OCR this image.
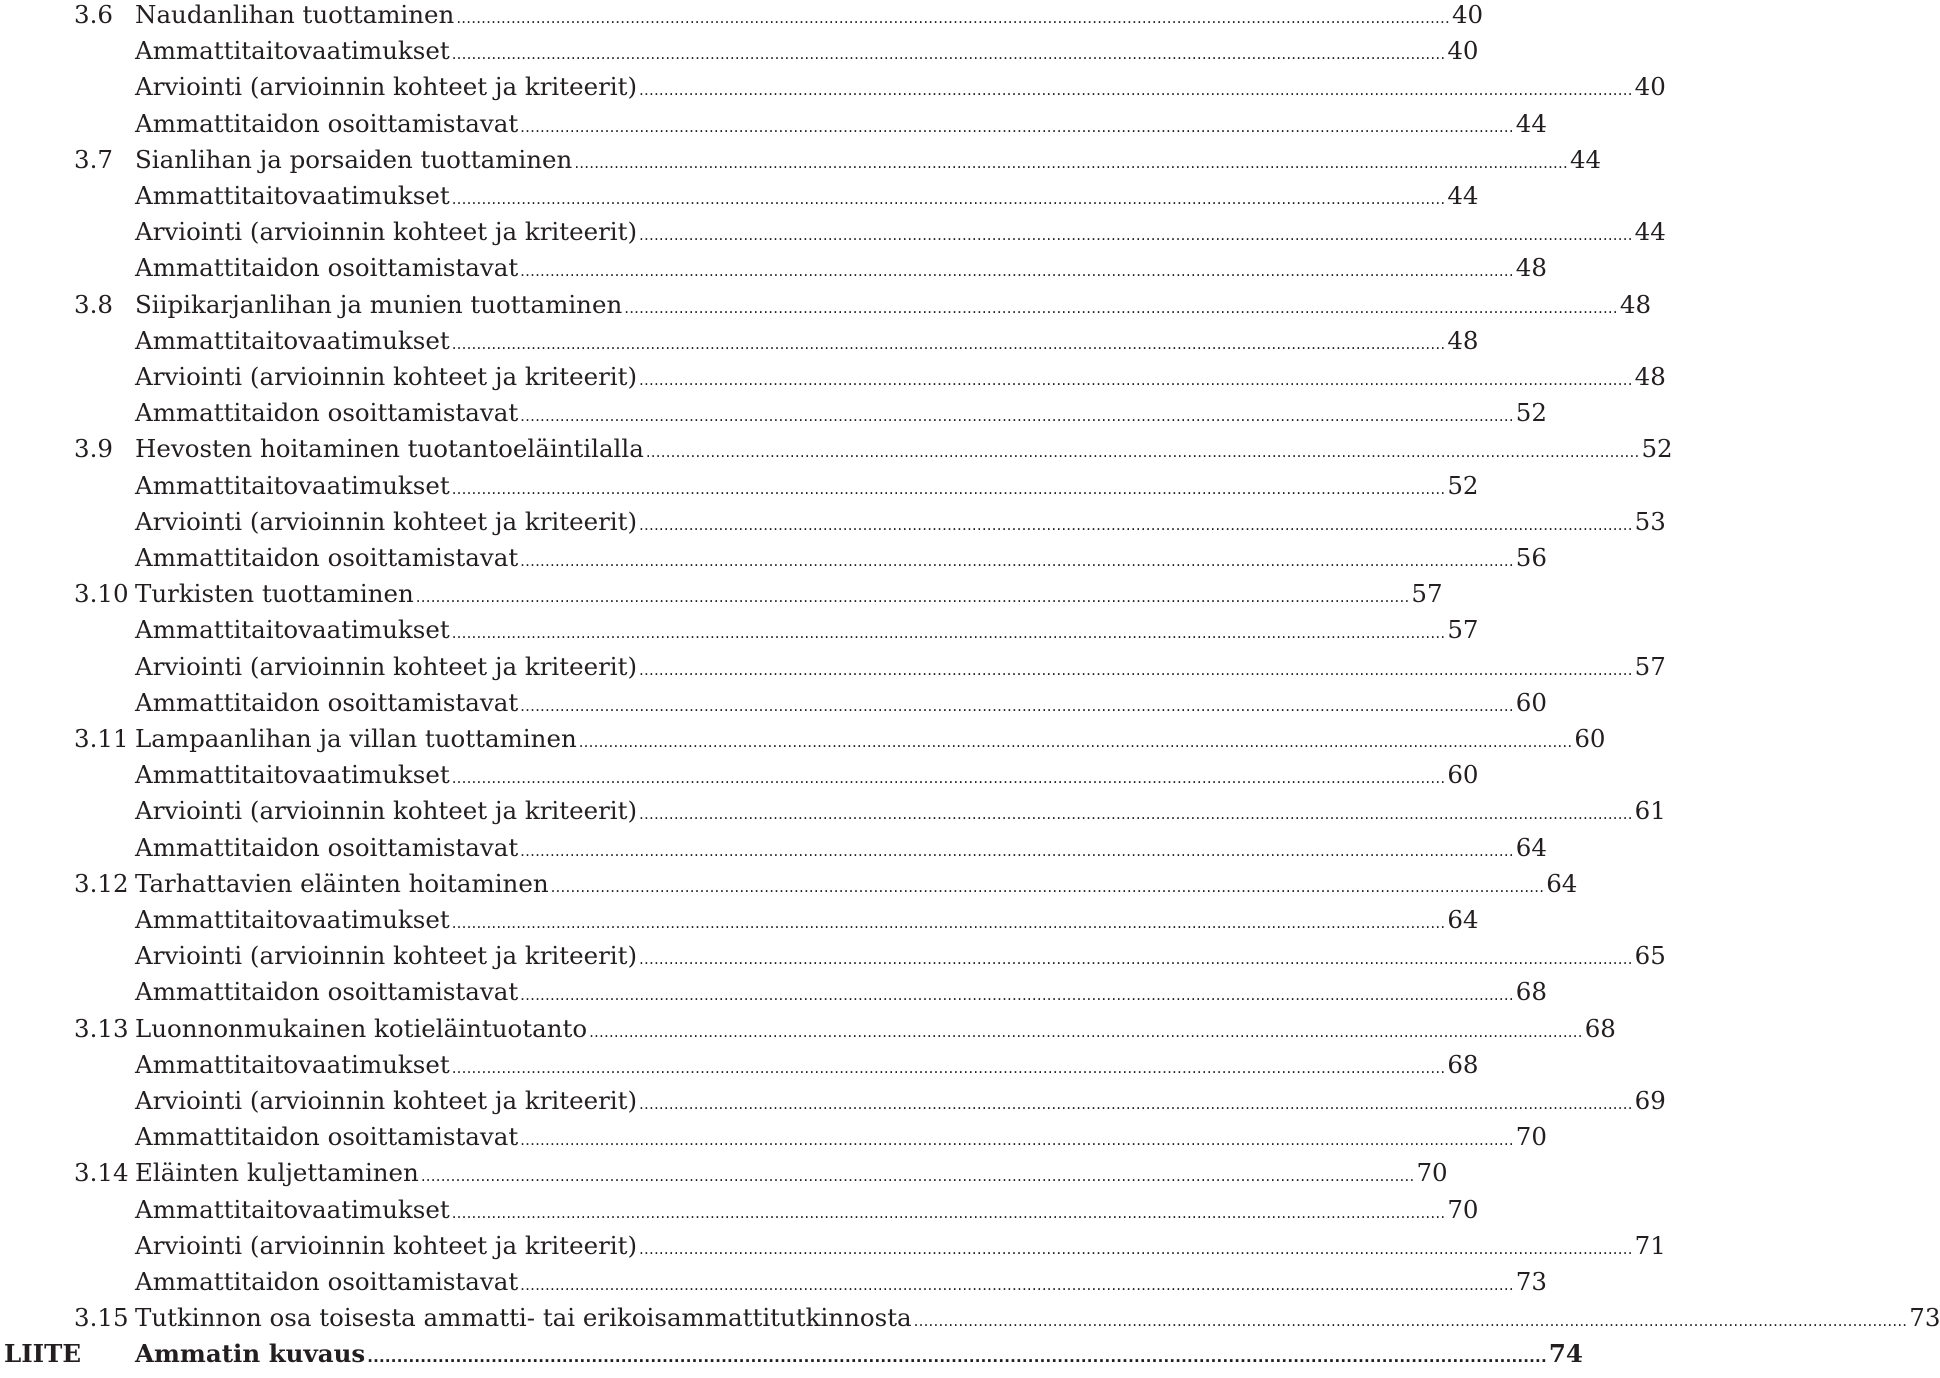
3.6 Naudanlihan tuottaminen ........................................................................................................................................................................................................ 40
Ammattitaitovaatimukset ........................................................................................................................................................................................................ 40
Arviointi (arvioinnin kohteet ja kriteerit) ........................................................................................................................................................................................................ 40
Ammattitaidon osoittamistavat ........................................................................................................................................................................................................ 44
3.7 Sianlihan ja porsaiden tuottaminen ........................................................................................................................................................................................................ 44
Ammattitaitovaatimukset ........................................................................................................................................................................................................ 44
Arviointi (arvioinnin kohteet ja kriteerit) ........................................................................................................................................................................................................ 44
Ammattitaidon osoittamistavat ........................................................................................................................................................................................................ 48
3.8 Siipikarjanlihan ja munien tuottaminen ........................................................................................................................................................................................................ 48
Ammattitaitovaatimukset ........................................................................................................................................................................................................ 48
Arviointi (arvioinnin kohteet ja kriteerit) ........................................................................................................................................................................................................ 48
Ammattitaidon osoittamistavat ........................................................................................................................................................................................................ 52
3.9 Hevosten hoitaminen tuotantoeläintilalla ........................................................................................................................................................................................................ 52
Ammattitaitovaatimukset ........................................................................................................................................................................................................ 52
Arviointi (arvioinnin kohteet ja kriteerit) ........................................................................................................................................................................................................ 53
Ammattitaidon osoittamistavat ........................................................................................................................................................................................................ 56
3.10 Turkisten tuottaminen ........................................................................................................................................................................................................ 57
Ammattitaitovaatimukset ........................................................................................................................................................................................................ 57
Arviointi (arvioinnin kohteet ja kriteerit) ........................................................................................................................................................................................................ 57
Ammattitaidon osoittamistavat ........................................................................................................................................................................................................ 60
3.11 Lampaanlihan ja villan tuottaminen ........................................................................................................................................................................................................ 60
Ammattitaitovaatimukset ........................................................................................................................................................................................................ 60
Arviointi (arvioinnin kohteet ja kriteerit) ........................................................................................................................................................................................................ 61
Ammattitaidon osoittamistavat ........................................................................................................................................................................................................ 64
3.12 Tarhattavien eläinten hoitaminen ........................................................................................................................................................................................................ 64
Ammattitaitovaatimukset ........................................................................................................................................................................................................ 64
Arviointi (arvioinnin kohteet ja kriteerit) ........................................................................................................................................................................................................ 65
Ammattitaidon osoittamistavat ........................................................................................................................................................................................................ 68
3.13 Luonnonmukainen kotieläintuotanto ........................................................................................................................................................................................................ 68
Ammattitaitovaatimukset ........................................................................................................................................................................................................ 68
Arviointi (arvioinnin kohteet ja kriteerit) ........................................................................................................................................................................................................ 69
Ammattitaidon osoittamistavat ........................................................................................................................................................................................................ 70
3.14 Eläinten kuljettaminen ........................................................................................................................................................................................................ 70
Ammattitaitovaatimukset ........................................................................................................................................................................................................ 70
Arviointi (arvioinnin kohteet ja kriteerit) ........................................................................................................................................................................................................ 71
Ammattitaidon osoittamistavat ........................................................................................................................................................................................................ 73
3.15 Tutkinnon osa toisesta ammatti- tai erikoisammattitutkinnosta ........................................................................................................................................................................................................ 73
LIITE Ammatin kuvaus ........................................................................................................................................................................................................ 74
